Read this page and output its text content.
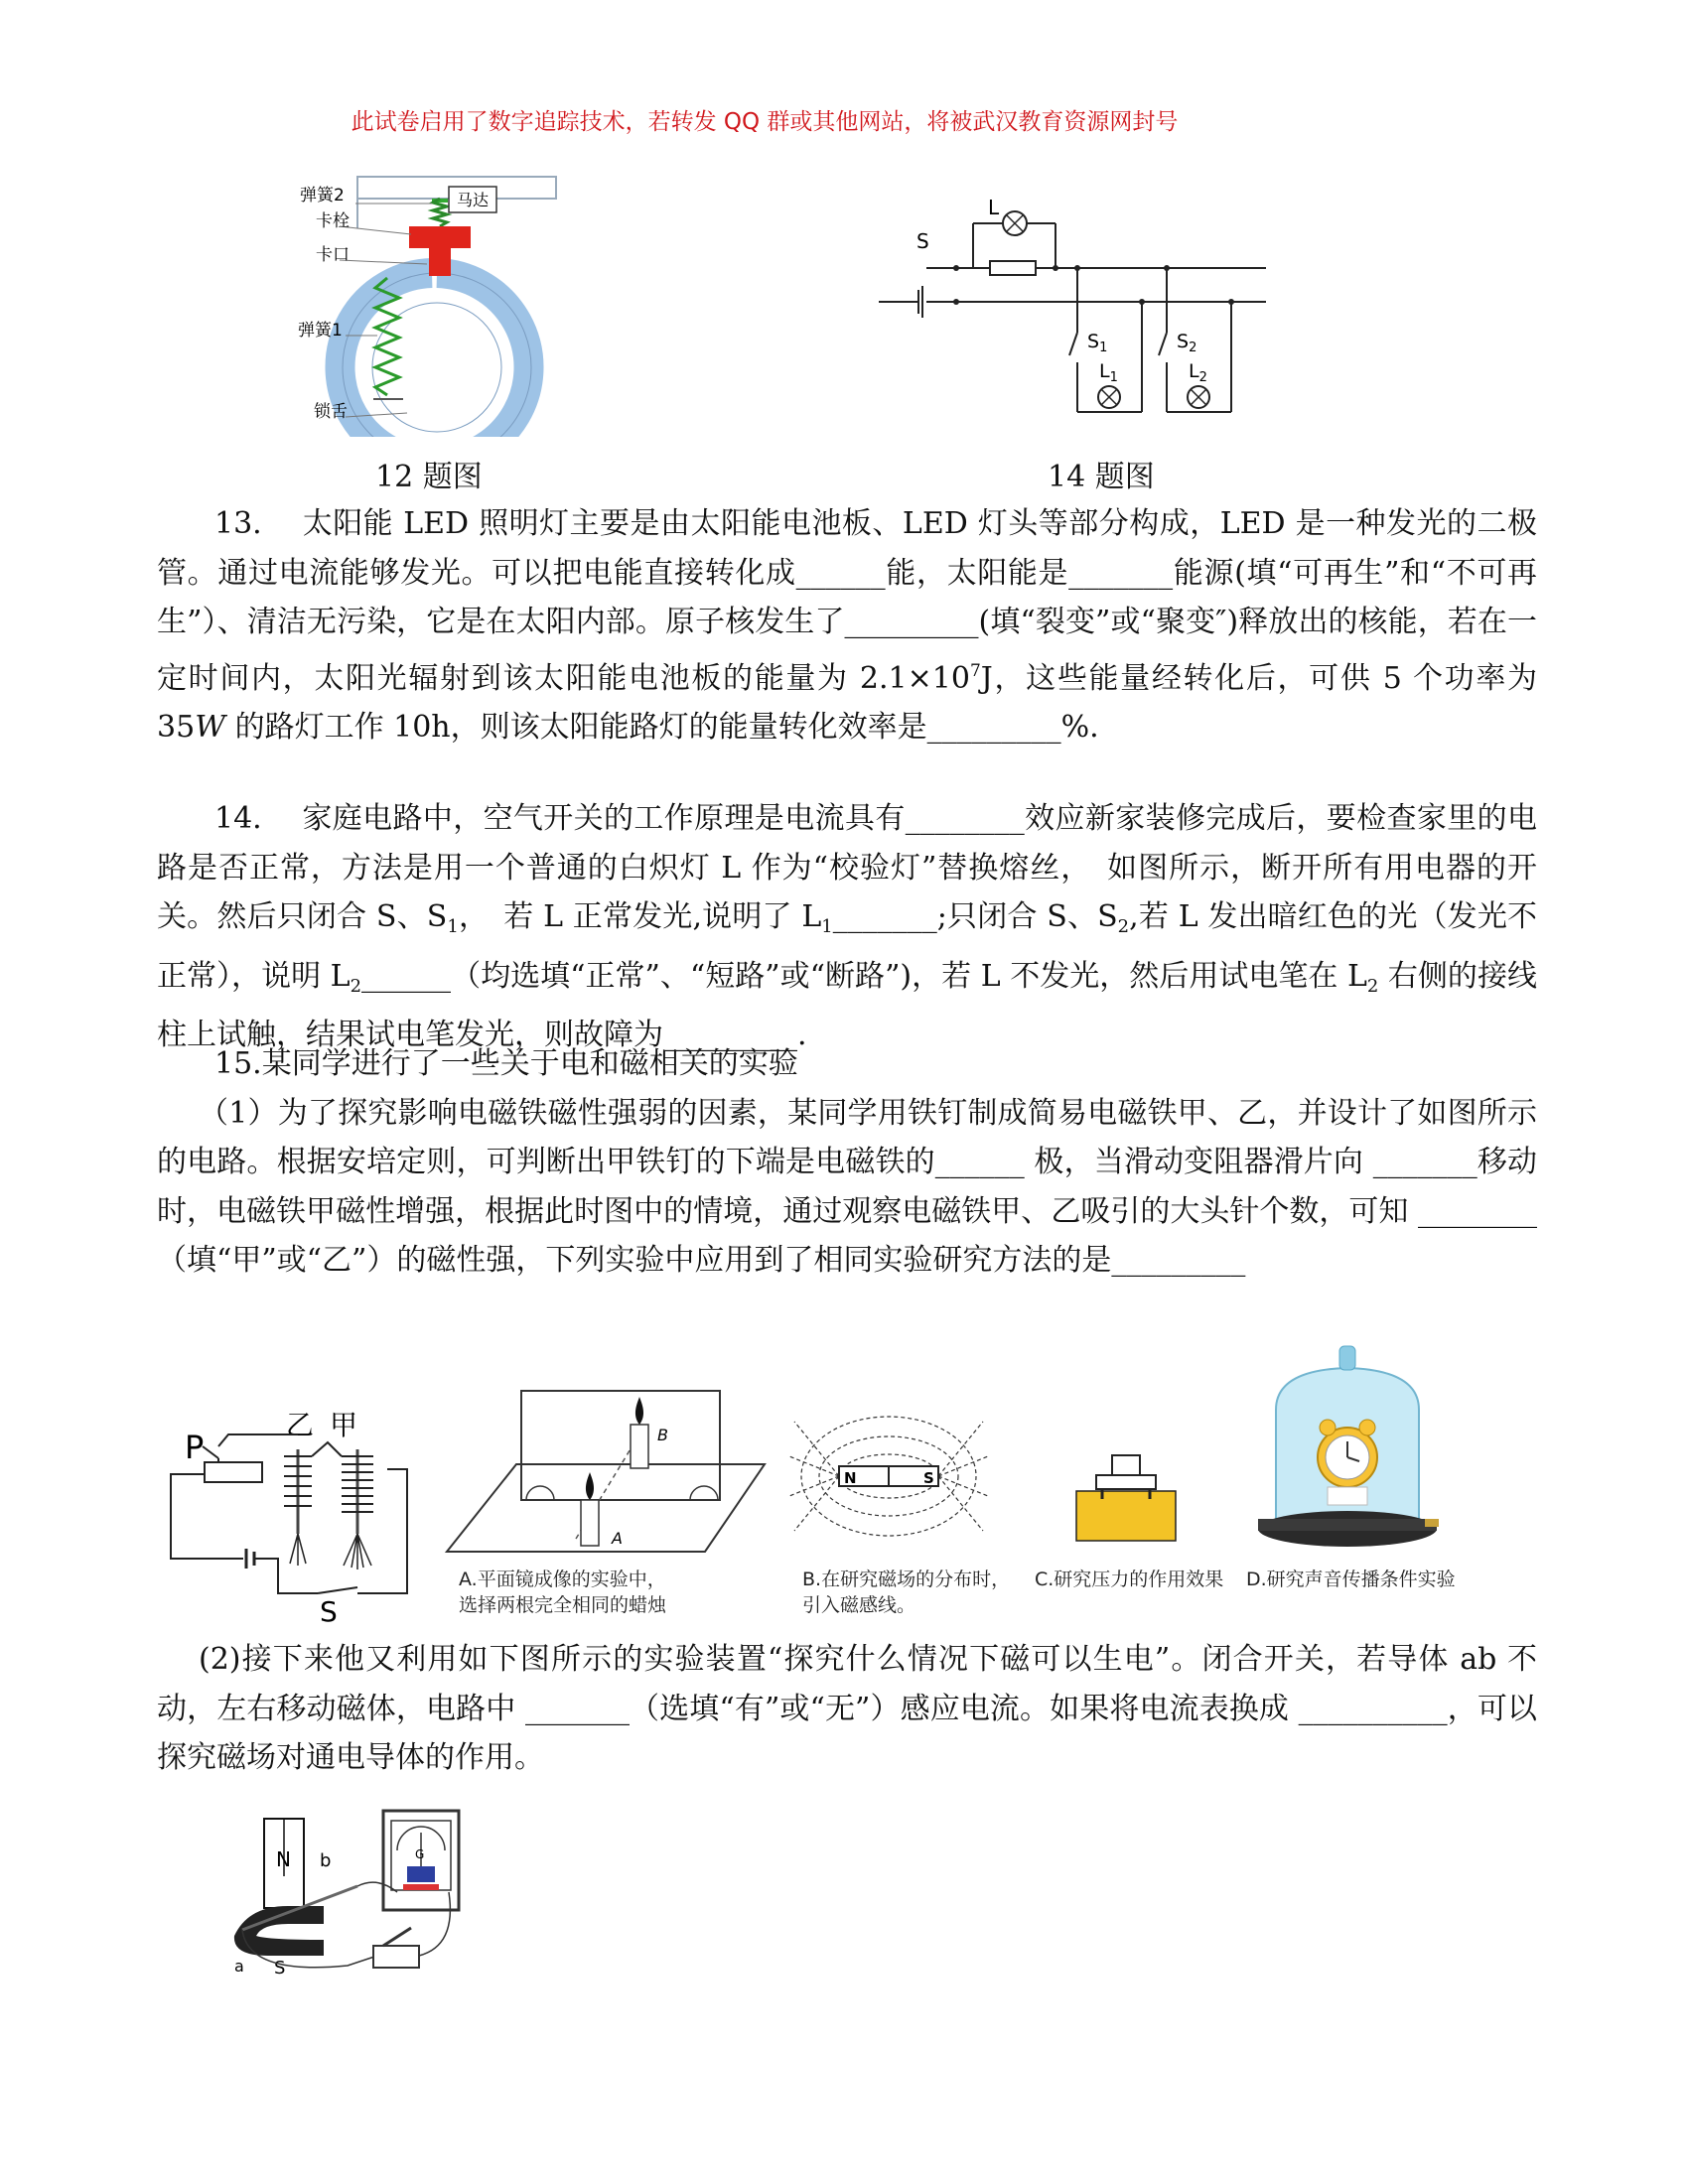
此试卷启用了数字追踪技术，若转发 QQ 群或其他网站，将被武汉教育资源网封号
马达
弹簧2
卡栓
卡口
弹簧1
锁舌
12 题图
S
L
$S_1$
$L_1$
$S_2$
$L_2$
14 题图

13.　 太阳能 LED 照明灯主要是由太阳能电池板、LED 灯头等部分构成，LED 是一种发光的二极管。通过电流能够发光。可以把电能直接转化成______能，太阳能是_______能源(填“可再生”和“不可再生”）、清洁无污染，它是在太阳内部。原子核发生了_________(填“裂变”或“聚变″)释放出的核能，若在一定时间内，太阳光辐射到该太阳能电池板的能量为 $2.1\times 10^7J$，这些能量经转化后，可供 5 个功率为 35W 的路灯工作 10h，则该太阳能路灯的能量转化效率是_________%.

14.　 家庭电路中，空气开关的工作原理是电流具有________效应新家装修完成后，要检查家里的电路是否正常，方法是用一个普通的白炽灯 L 作为“校验灯”替换熔丝，　如图所示，断开所有用电器的开关。然后只闭合 S、$S_1$，　若 L 正常发光,说明了 $L_1\_\_\_\_\_\_\_$;只闭合 S、$S_2$,若 L 发出暗红色的光（发光不正常），说明 $L_2\_\_\_\_\_\_$（均选填“正常”、“短路”或“断路”)，若 L 不发光，然后用试电笔在 $L_2$ 右侧的接线柱上试触，结果试电笔发光，则故障为_________.

15.某同学进行了一些关于电和磁相关的实验

（1）为了探究影响电磁铁磁性强弱的因素，某同学用铁钉制成简易电磁铁甲、乙，并设计了如图所示的电路。根据安培定则，可判断出甲铁钉的下端是电磁铁的______ 极，当滑动变阻器滑片向 _______移动时，电磁铁甲磁性增强，根据此时图中的情境，通过观察电磁铁甲、乙吸引的大头针个数，可知 ________（填“甲”或“乙”）的磁性强，下列实验中应用到了相同实验研究方法的是_________

P
乙 甲
S
B
A
A.平面镜成像的实验中，
选择两根完全相同的蜡烛
N	S
B.在研究磁场的分布时，
引入磁感线。
C.研究压力的作用效果 D.研究声音传播条件实验

(2)接下来他又利用如下图所示的实验装置“探究什么情况下磁可以生电”。闭合开关，若导体 ab 不动，左右移动磁体，电路中 _______（选填“有”或“无”）感应电流。如果将电流表换成 __________，可以探究磁场对通电导体的作用。

G
N b
a S
